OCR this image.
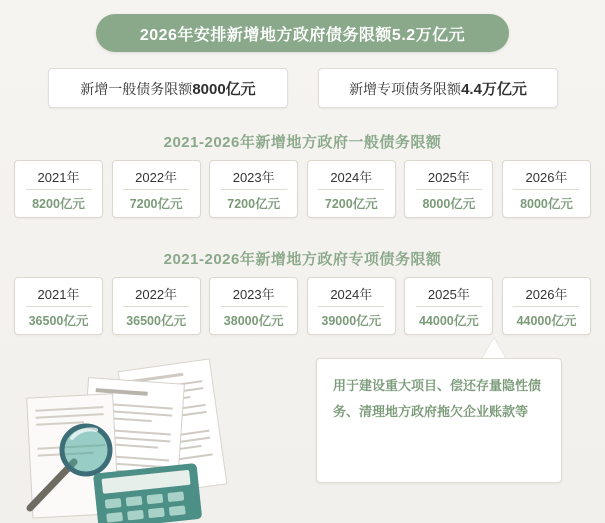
2026年安排新增地方政府债务限额5.2万亿元
新增一般债务限额8000亿元	新增专项债务限额4.4万亿元
2021-2026年新增地方政府一般债务限额
2021年
8200亿元
2022年
7200亿元
2023年
7200亿元
2024年
7200亿元
2025年
8000亿元
2026年
8000亿元
2021-2026年新增地方政府专项债务限额
2021年
36500亿元
2022年
36500亿元
2023年
38000亿元
2024年
39000亿元
2025年
44000亿元
2026年
44000亿元
用于建设重大项目、偿还存量隐性债务、清理地方政府拖欠企业账款等
